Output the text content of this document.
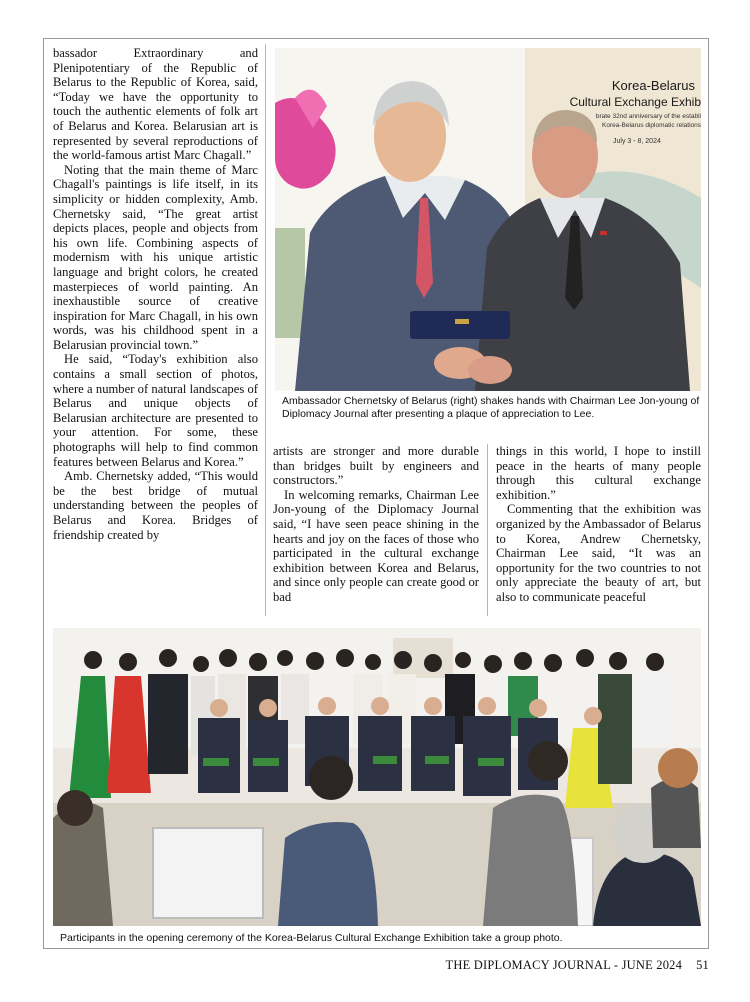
bassador Extraordinary and Plenipotentiary of the Republic of Belarus to the Republic of Korea, said, “Today we have the opportunity to touch the authentic elements of folk art of Belarus and Korea. Belarusian art is represented by several reproductions of the world-famous artist Marc Chagall.”

Noting that the main theme of Marc Chagall's paintings is life itself, in its simplicity or hidden complexity, Amb. Chernetsky said, “The great artist depicts places, people and objects from his own life. Combining aspects of modernism with his unique artistic language and bright colors, he created masterpieces of world painting. An inexhaustible source of creative inspiration for Marc Chagall, in his own words, was his childhood spent in a Belarusian provincial town.”

He said, “Today's exhibition also contains a small section of photos, where a number of natural landscapes of Belarus and unique objects of Belarusian architecture are presented to your attention. For some, these photographs will help to find common features between Belarus and Korea.”

Amb. Chernetsky added, “This would be the best bridge of mutual understanding between the peoples of Belarus and Korea. Bridges of friendship created by

Korea-Belarus
Cultural Exchange Exhib
brate 32nd anniversary of the establi
Korea-Belarus diplomatic relations
July 3 - 8, 2024
Ambassador Chernetsky of Belarus (right) shakes hands with Chairman Lee Jon-young of Diplomacy Journal after presenting a plaque of appreciation to Lee.

artists are stronger and more durable than bridges built by engineers and constructors.”

In welcoming remarks, Chairman Lee Jon-young of the Diplomacy Journal said, “I have seen peace shining in the hearts and joy on the faces of those who participated in the cultural exchange exhibition between Korea and Belarus, and since only people can create good or bad

things in this world, I hope to instill peace in the hearts of many people through this cultural exchange exhibition.”

Commenting that the exhibition was organized by the Ambassador of Belarus to Korea, Andrew Chernetsky, Chairman Lee said, “It was an opportunity for the two countries to not only appreciate the beauty of art, but also to communicate peaceful

Participants in the opening ceremony of the Korea-Belarus Cultural Exchange Exhibition take a group photo.
THE DIPLOMACY JOURNAL - JUNE 2024 51
